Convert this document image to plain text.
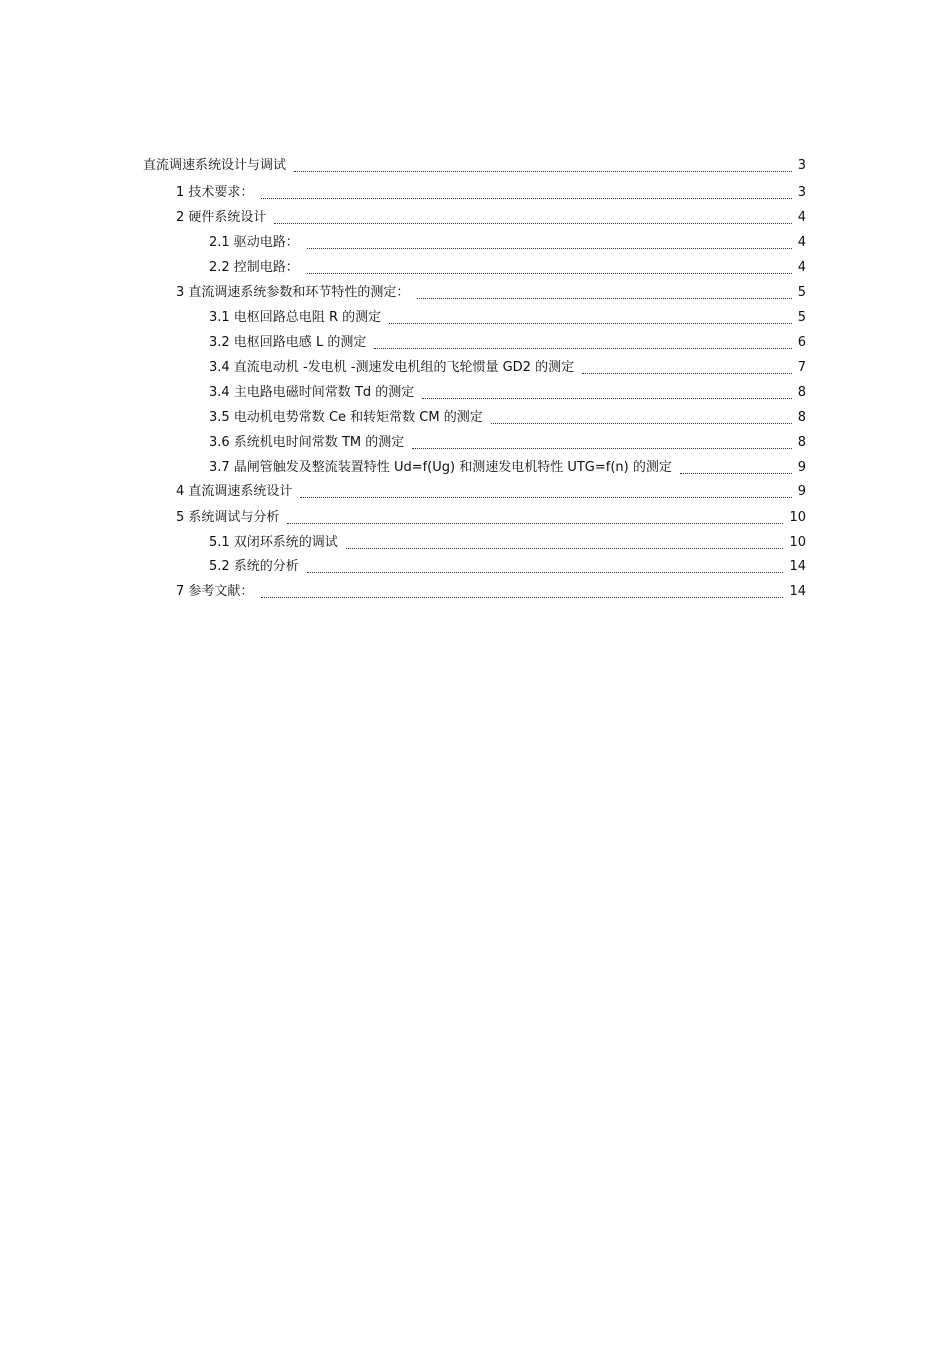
直流调速系统设计与调试	3
1 技术要求：	3
2 硬件系统设计	4
2.1 驱动电路：	4
2.2 控制电路：	4
3 直流调速系统参数和环节特性的测定：	5
3.1 电枢回路总电阻 R 的测定	5
3.2 电枢回路电感 L 的测定	6
3.4 直流电动机 -发电机 -测速发电机组的飞轮惯量 GD2 的测定	7
3.4 主电路电磁时间常数 Td 的测定	8
3.5 电动机电势常数 Ce 和转矩常数 CM 的测定	8
3.6 系统机电时间常数 TM 的测定	8
3.7 晶闸管触发及整流装置特性 Ud=f(Ug) 和测速发电机特性 UTG=f(n) 的测定	9
4 直流调速系统设计	9
5 系统调试与分析	10
5.1 双闭环系统的调试	10
5.2 系统的分析	14
7 参考文献：	14
